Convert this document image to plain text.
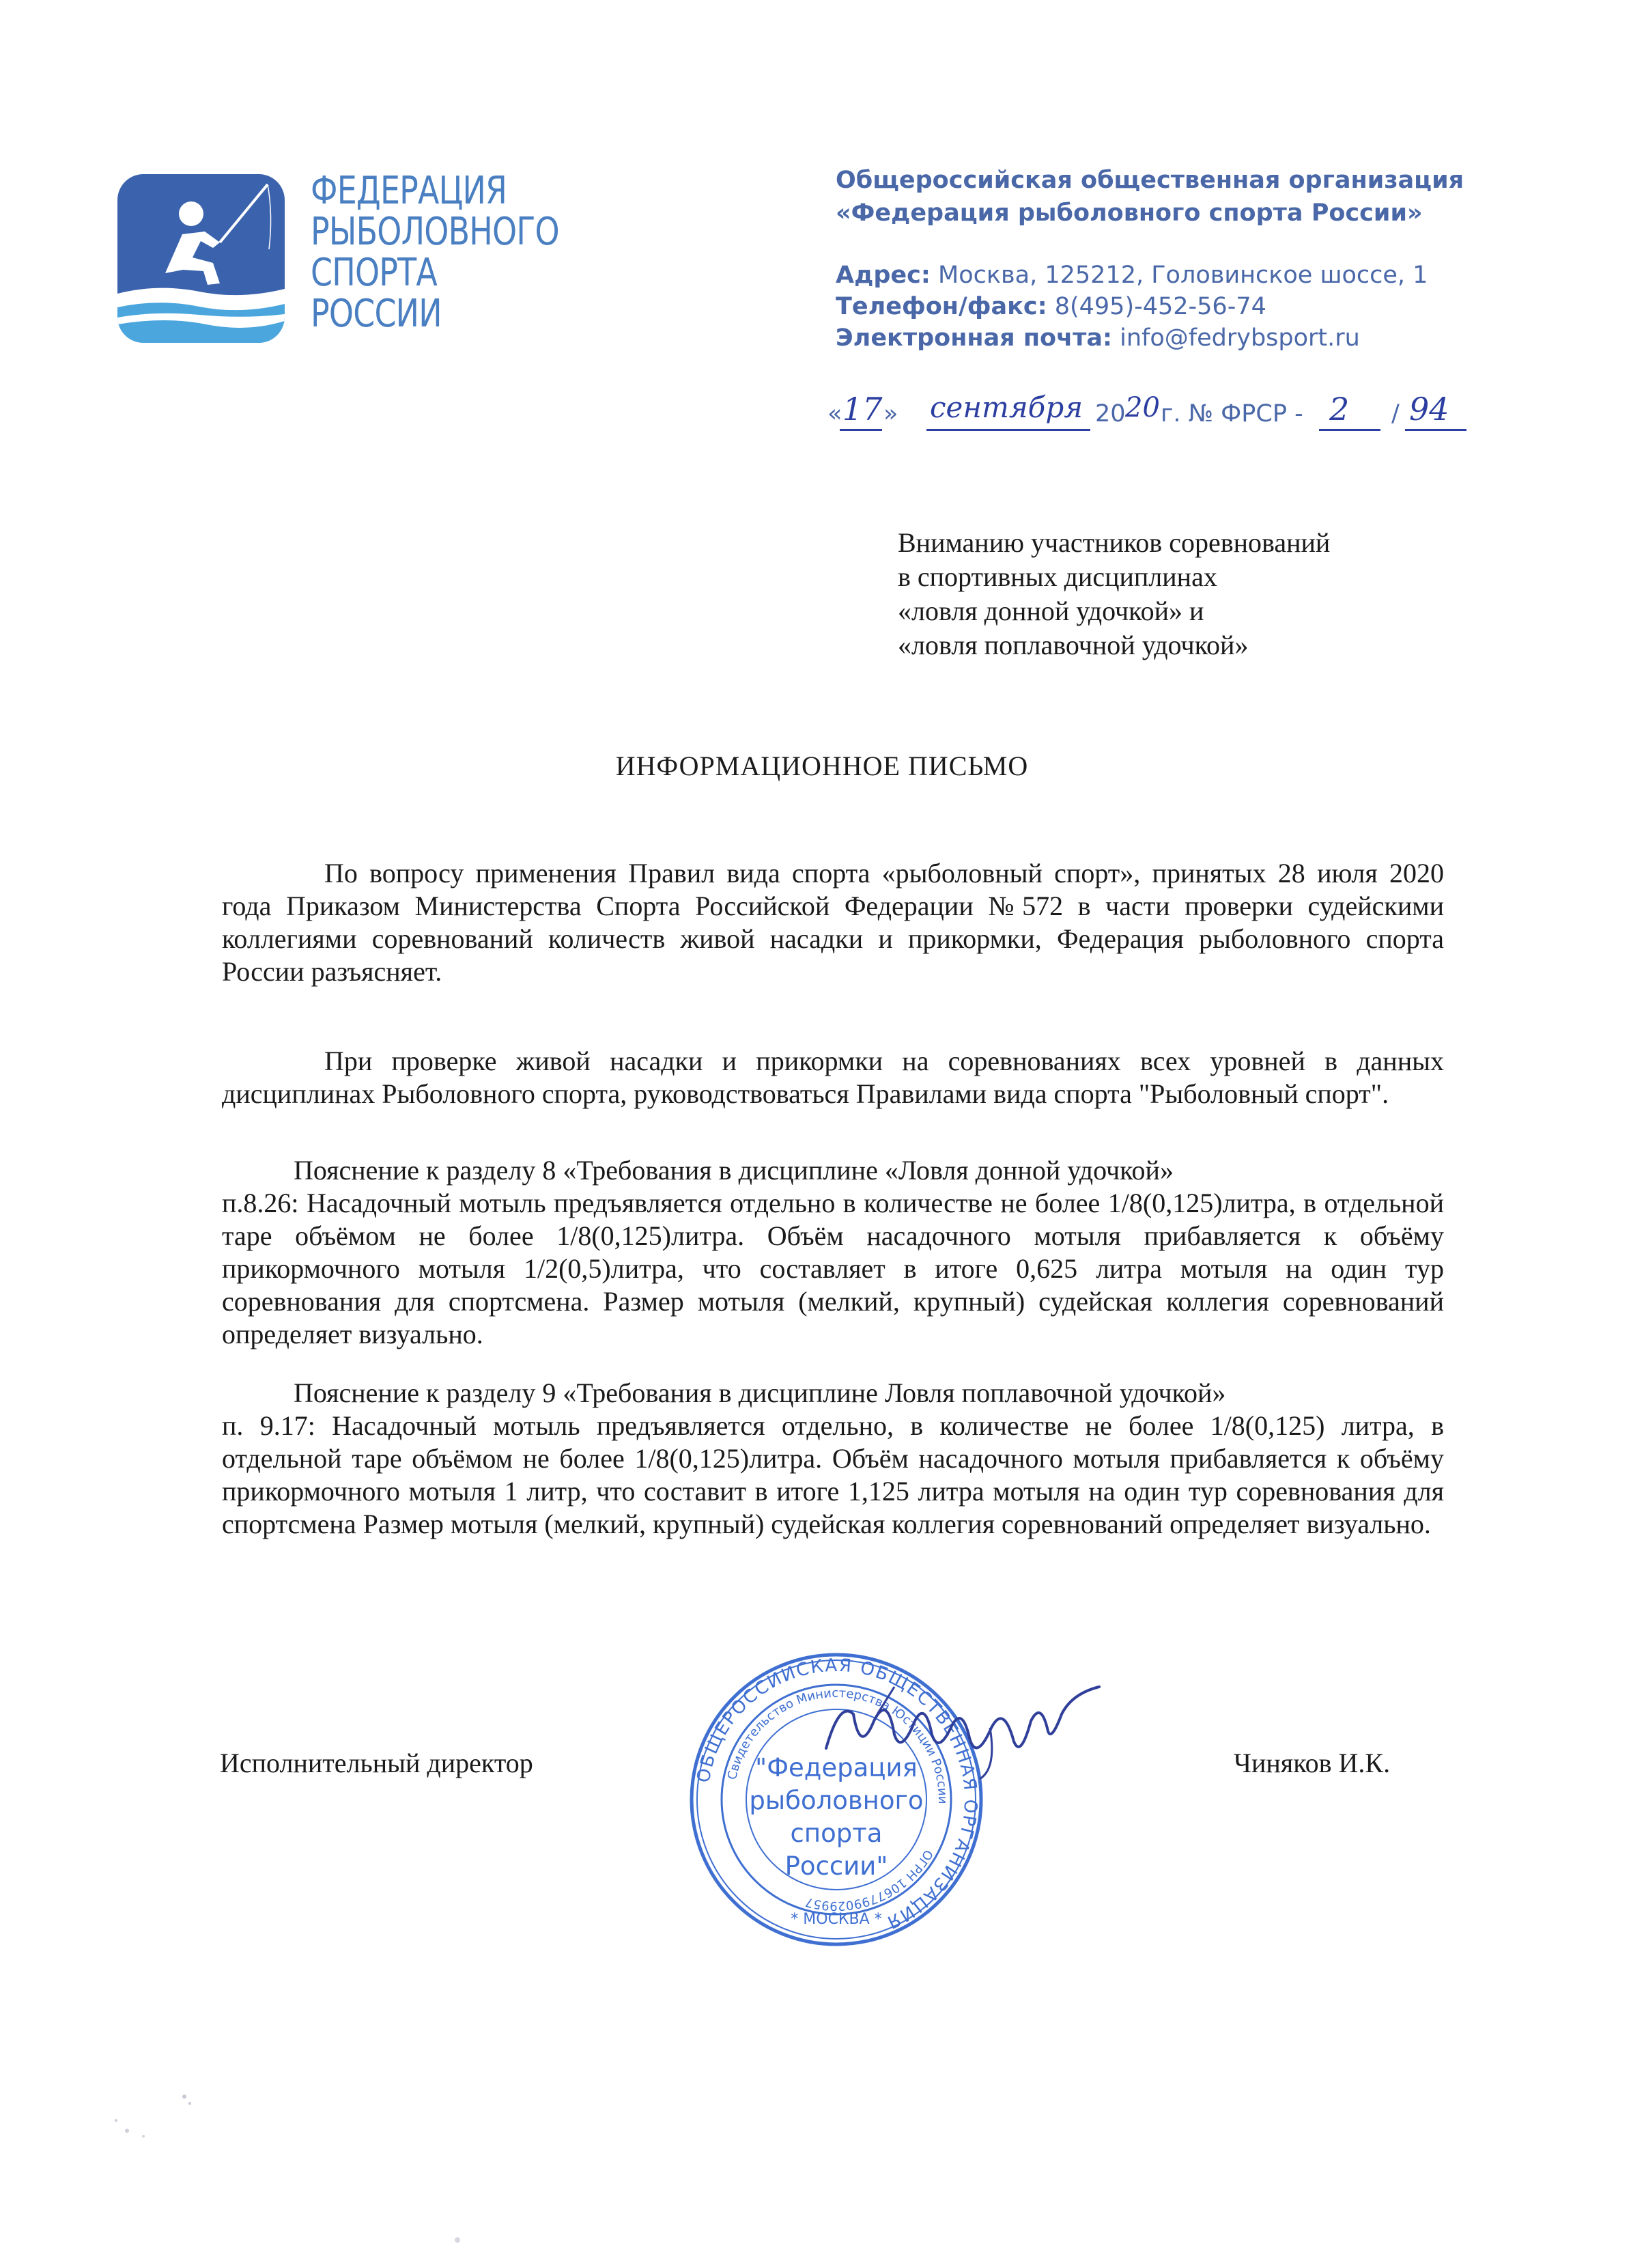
ФЕДЕРАЦИЯ
РЫБОЛОВНОГО
СПОРТА
РОССИИ
Общероссийская общественная организация
«Федерация рыболовного спорта России»
Адрес: Москва, 125212, Головинское шоссе, 1
Телефон/факс: 8(495)-452-56-74
Электронная почта: info@fedrybsport.ru
« 17 » сентября 20 20 г. № ФРСР - 2 / 94
Вниманию участников соревнований
в спортивных дисциплинах
«ловля донной удочкой» и
«ловля поплавочной удочкой»
ИНФОРМАЦИОННОЕ ПИСЬМО
По вопросу применения Правил вида спорта «рыболовный спорт», принятых 28 июля 2020 года Приказом Министерства Спорта Российской Федерации №572 в части проверки судейскими коллегиями соревнований количеств живой насадки и прикормки, Федерация рыболовного спорта России разъясняет.
При проверке живой насадки и прикормки на соревнованиях всех уровней в данных дисциплинах Рыболовного спорта, руководствоваться Правилами вида спорта "Рыболовный спорт".
Пояснение к разделу 8 «Требования в дисциплине «Ловля донной удочкой»
п.8.26: Насадочный мотыль предъявляется отдельно в количестве не более 1/8(0,125)литра, в отдельной таре объёмом не более 1/8(0,125)литра. Объём насадочного мотыля прибавляется к объёму прикормочного мотыля 1/2(0,5)литра, что составляет в итоге 0,625 литра мотыля на один тур соревнования для спортсмена. Размер мотыля (мелкий, крупный) судейская коллегия соревнований определяет визуально.
Пояснение к разделу 9 «Требования в дисциплине Ловля поплавочной удочкой»
п. 9.17: Насадочный мотыль предъявляется отдельно, в количестве не более 1/8(0,125) литра, в отдельной таре объёмом не более 1/8(0,125)литра. Объём насадочного мотыля прибавляется к объёму прикормочного мотыля 1 литр, что составит в итоге 1,125 литра мотыля на один тур соревнования для спортсмена Размер мотыля (мелкий, крупный) судейская коллегия соревнований определяет визуально.
Исполнительный директор	Чиняков И.К.
ОБЩЕРОССИЙСКАЯ ОБЩЕСТВЕННАЯ ОРГАНИЗАЦИЯ
Свидетельство Министерства Юстиции России
ОГРН 1067799029957
* МОСКВА *
"Федерация
рыболовного
спорта
России"
